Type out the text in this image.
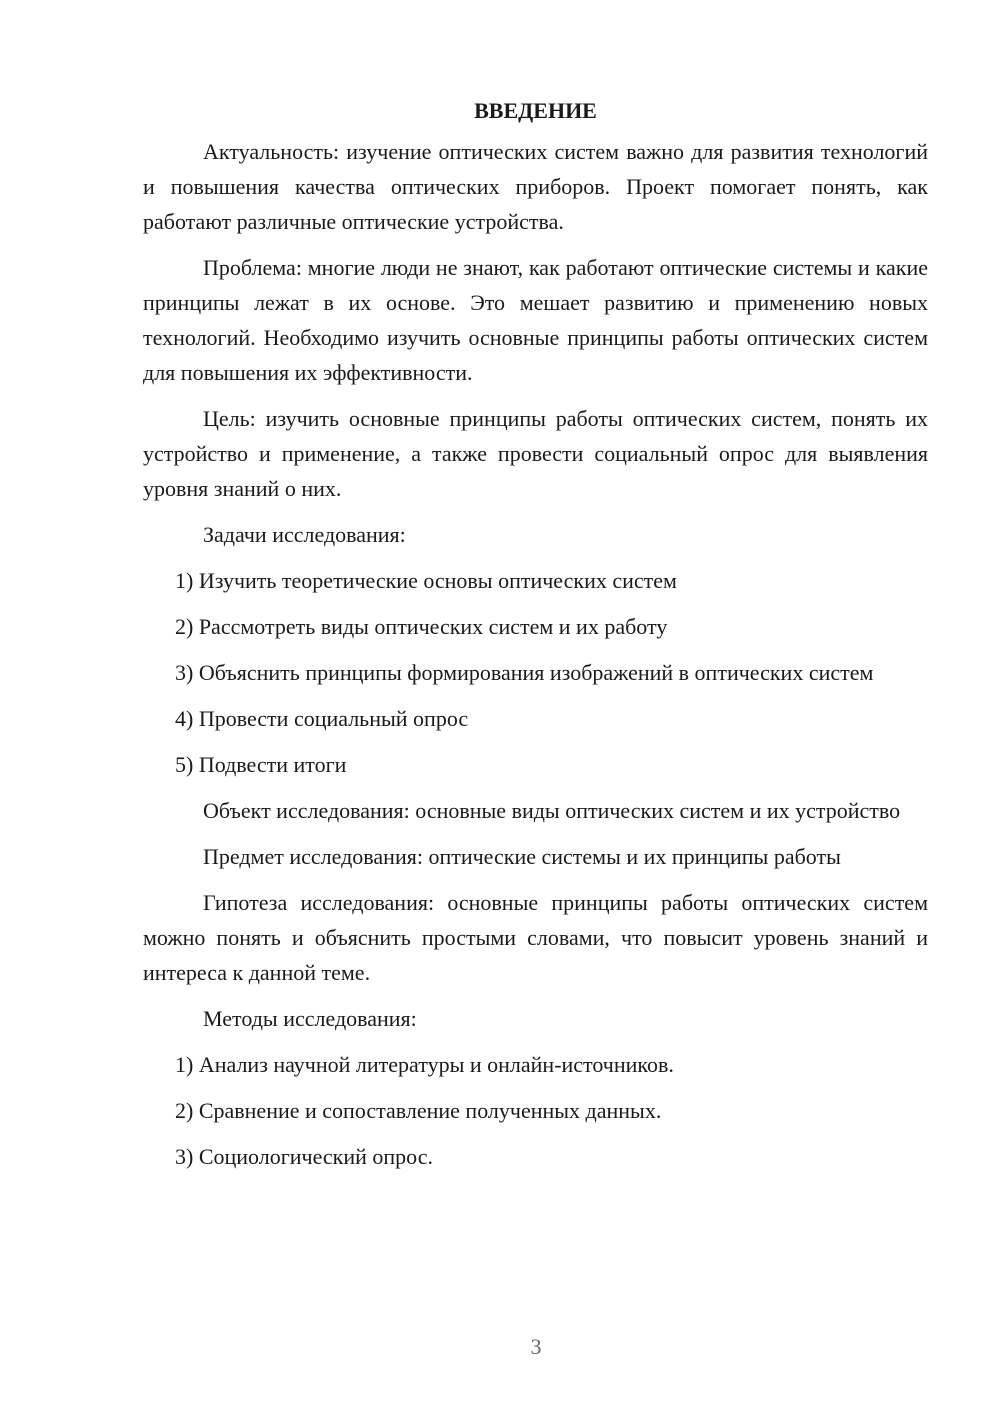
ВВЕДЕНИЕ

Актуальность: изучение оптических систем важно для развития технологий и повышения качества оптических приборов. Проект помогает понять, как работают различные оптические устройства.

Проблема: многие люди не знают, как работают оптические системы и какие принципы лежат в их основе. Это мешает развитию и применению новых технологий. Необходимо изучить основные принципы работы оптических систем для повышения их эффективности.

Цель: изучить основные принципы работы оптических систем, понять их устройство и применение, а также провести социальный опрос для выявления уровня знаний о них.

Задачи исследования:

1) Изучить теоретические основы оптических систем

2) Рассмотреть виды оптических систем и их работу

3) Объяснить принципы формирования изображений в оптических систем

4) Провести социальный опрос

5) Подвести итоги

Объект исследования: основные виды оптических систем и их устройство

Предмет исследования: оптические системы и их принципы работы

Гипотеза исследования: основные принципы работы оптических систем можно понять и объяснить простыми словами, что повысит уровень знаний и интереса к данной теме.

Методы исследования:

1) Анализ научной литературы и онлайн-источников.

2) Сравнение и сопоставление полученных данных.

3) Социологический опрос.

3
